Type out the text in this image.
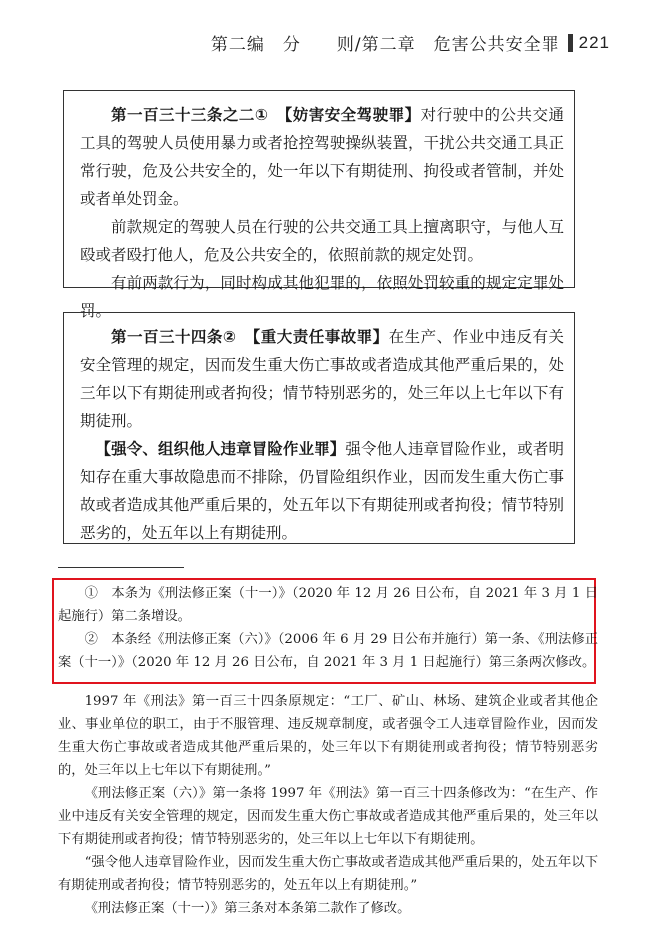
第二编　分　　则/第二章　危害公共安全罪 221

第一百三十三条之二①　 【妨害安全驾驶罪】对行驶中的公共交通工具的驾驶人员使用暴力或者抢控驾驶操纵装置，干扰公共交通工具正常行驶，危及公共安全的，处一年以下有期徒刑、拘役或者管制，并处或者单处罚金。

前款规定的驾驶人员在行驶的公共交通工具上擅离职守，与他人互殴或者殴打他人，危及公共安全的，依照前款的规定处罚。

有前两款行为，同时构成其他犯罪的，依照处罚较重的规定定罪处罚。

第一百三十四条②　 【重大责任事故罪】在生产、作业中违反有关安全管理的规定，因而发生重大伤亡事故或者造成其他严重后果的，处三年以下有期徒刑或者拘役；情节特别恶劣的，处三年以上七年以下有期徒刑。

【强令、组织他人违章冒险作业罪】强令他人违章冒险作业，或者明知存在重大事故隐患而不排除，仍冒险组织作业，因而发生重大伤亡事故或者造成其他严重后果的，处五年以下有期徒刑或者拘役；情节特别恶劣的，处五年以上有期徒刑。

①　本条为《刑法修正案（十一）》（2020 年 12 月 26 日公布，自 2021 年 3 月 1 日起施行）第二条增设。

②　本条经《刑法修正案（六）》（2006 年 6 月 29 日公布并施行）第一条、《刑法修正案（十一）》（2020 年 12 月 26 日公布，自 2021 年 3 月 1 日起施行）第三条两次修改。

1997 年《刑法》第一百三十四条原规定：“工厂、矿山、林场、建筑企业或者其他企业、事业单位的职工，由于不服管理、违反规章制度，或者强令工人违章冒险作业，因而发生重大伤亡事故或者造成其他严重后果的，处三年以下有期徒刑或者拘役；情节特别恶劣的，处三年以上七年以下有期徒刑。”

《刑法修正案（六）》第一条将 1997 年《刑法》第一百三十四条修改为：“在生产、作业中违反有关安全管理的规定，因而发生重大伤亡事故或者造成其他严重后果的，处三年以下有期徒刑或者拘役；情节特别恶劣的，处三年以上七年以下有期徒刑。

“强令他人违章冒险作业，因而发生重大伤亡事故或者造成其他严重后果的，处五年以下有期徒刑或者拘役；情节特别恶劣的，处五年以上有期徒刑。”

《刑法修正案（十一）》第三条对本条第二款作了修改。
